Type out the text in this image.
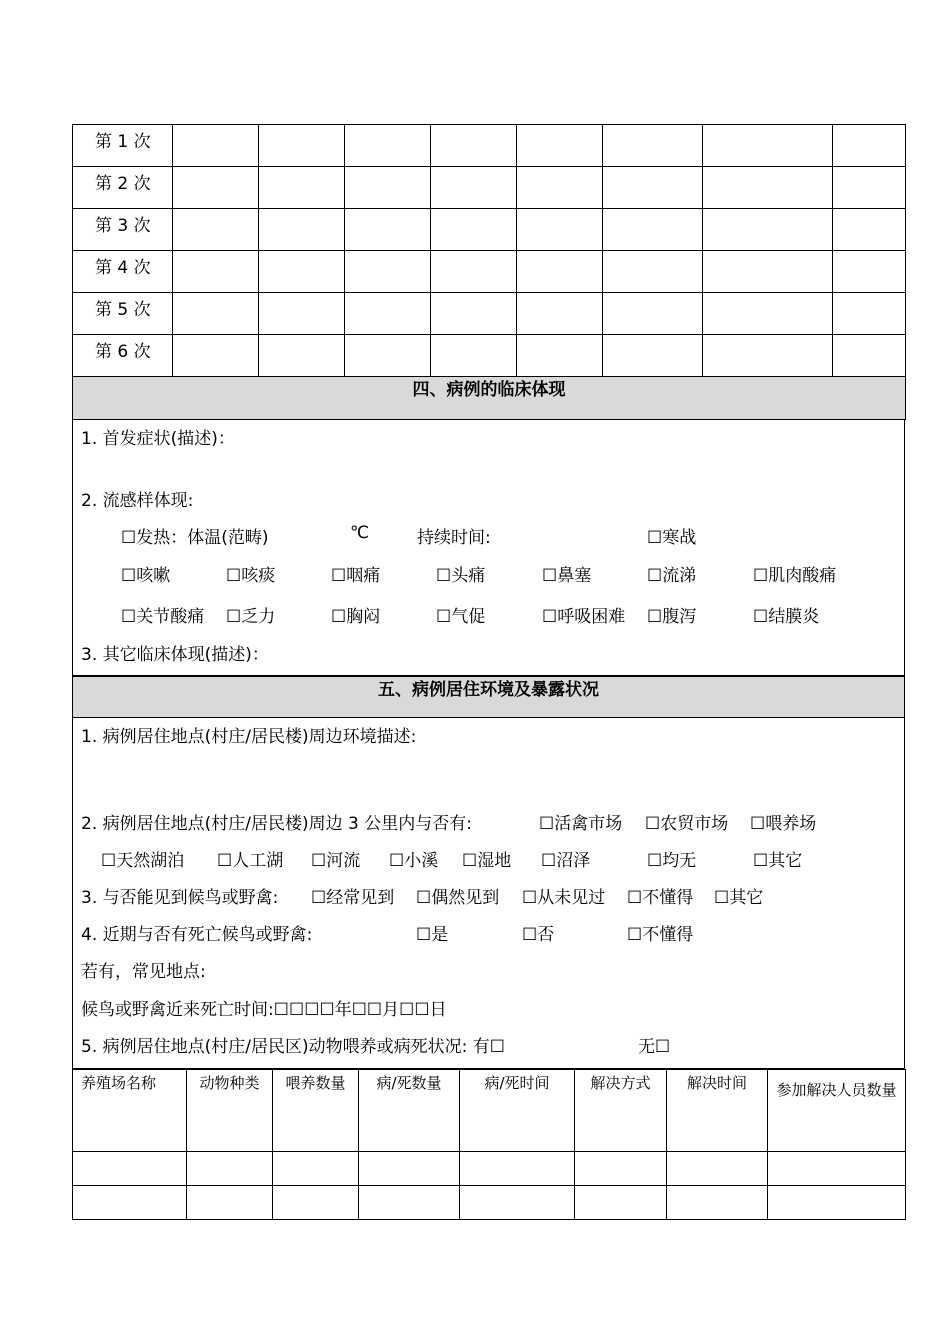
第 1 次								
第 2 次								
第 3 次								
第 4 次								
第 5 次								
第 6 次								
四、病例的临床体现								
1. 首发症状(描述)：
2. 流感样体现:
☐发热：体温(范畴)	℃	持续时间:	☐寒战
☐咳嗽	☐咳痰	☐咽痛	☐头痛	☐鼻塞	☐流涕	☐肌肉酸痛
☐关节酸痛 ☐乏力	☐胸闷	☐气促	☐呼吸困难 ☐腹泻	☐结膜炎
3. 其它临床体现(描述)：
五、病例居住环境及暴露状况
1. 病例居住地点(村庄/居民楼)周边环境描述:
2. 病例居住地点(村庄/居民楼)周边 3 公里内与否有:	☐活禽市场 ☐农贸市场 ☐喂养场
☐天然湖泊 ☐人工湖 ☐河流 ☐小溪 ☐湿地 ☐沼泽	☐均无	☐其它
3. 与否能见到候鸟或野禽: ☐经常见到 ☐偶然见到 ☐从未见过 ☐不懂得 ☐其它
4. 近期与否有死亡候鸟或野禽:	☐是	☐否	☐不懂得
若有，常见地点:
候鸟或野禽近来死亡时间:☐☐☐☐年☐☐月☐☐日
5. 病例居住地点(村庄/居民区)动物喂养或病死状况: 有☐	无☐
养殖场名称	动物种类	喂养数量	病/死数量	病/死时间	解决方式	解决时间	参加解决人员数量
